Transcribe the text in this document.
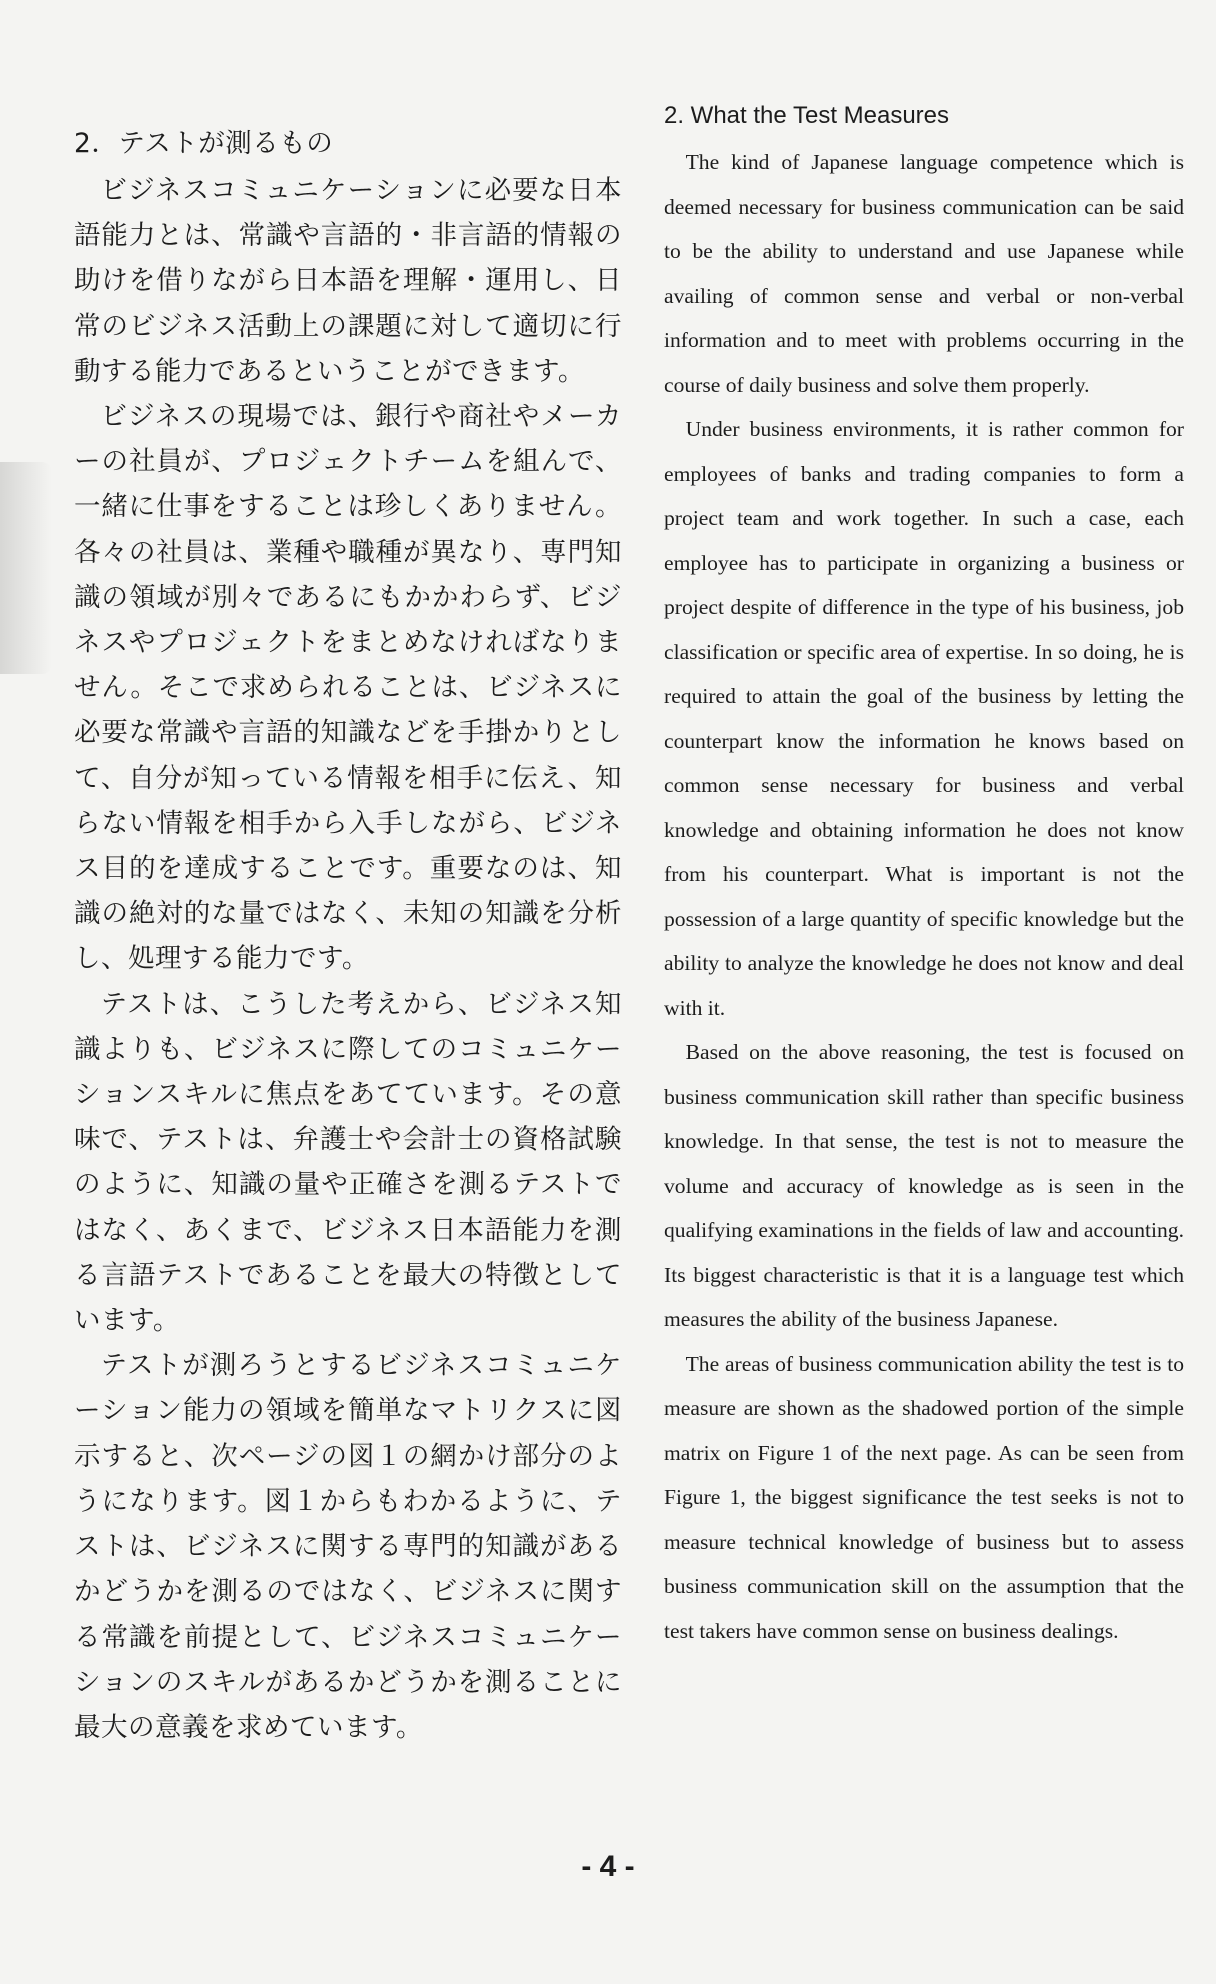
2．テストが測るもの

ビジネスコミュニケーションに必要な日本語能力とは、常識や言語的・非言語的情報の助けを借りながら日本語を理解・運用し、日常のビジネス活動上の課題に対して適切に行動する能力であるということができます。

ビジネスの現場では、銀行や商社やメーカーの社員が、プロジェクトチームを組んで、一緒に仕事をすることは珍しくありません。各々の社員は、業種や職種が異なり、専門知識の領域が別々であるにもかかわらず、ビジネスやプロジェクトをまとめなければなりません。そこで求められることは、ビジネスに必要な常識や言語的知識などを手掛かりとして、自分が知っている情報を相手に伝え、知らない情報を相手から入手しながら、ビジネス目的を達成することです。重要なのは、知識の絶対的な量ではなく、未知の知識を分析し、処理する能力です。

テストは、こうした考えから、ビジネス知識よりも、ビジネスに際してのコミュニケーションスキルに焦点をあてています。その意味で、テストは、弁護士や会計士の資格試験のように、知識の量や正確さを測るテストではなく、あくまで、ビジネス日本語能力を測る言語テストであることを最大の特徴としています。

テストが測ろうとするビジネスコミュニケーション能力の領域を簡単なマトリクスに図示すると、次ページの図１の網かけ部分のようになります。図１からもわかるように、テストは、ビジネスに関する専門的知識があるかどうかを測るのではなく、ビジネスに関する常識を前提として、ビジネスコミュニケーションのスキルがあるかどうかを測ることに最大の意義を求めています。

2. What the Test Measures

The kind of Japanese language competence which is deemed necessary for business communication can be said to be the ability to understand and use Japanese while availing of common sense and verbal or non-verbal information and to meet with problems occurring in the course of daily business and solve them properly.

Under business environments, it is rather common for employees of banks and trading companies to form a project team and work together. In such a case, each employee has to participate in organizing a business or project despite of difference in the type of his business, job classification or specific area of expertise. In so doing, he is required to attain the goal of the business by letting the counterpart know the information he knows based on common sense necessary for business and verbal knowledge and obtaining information he does not know from his counterpart. What is important is not the possession of a large quantity of specific knowledge but the ability to analyze the knowledge he does not know and deal with it.

Based on the above reasoning, the test is focused on business communication skill rather than specific business knowledge. In that sense, the test is not to measure the volume and accuracy of knowledge as is seen in the qualifying examinations in the fields of law and accounting. Its biggest characteristic is that it is a language test which measures the ability of the business Japanese.

The areas of business communication ability the test is to measure are shown as the shadowed portion of the simple matrix on Figure 1 of the next page. As can be seen from Figure 1, the biggest significance the test seeks is not to measure technical knowledge of business but to assess business communication skill on the assumption that the test takers have common sense on business dealings.

- 4 -
